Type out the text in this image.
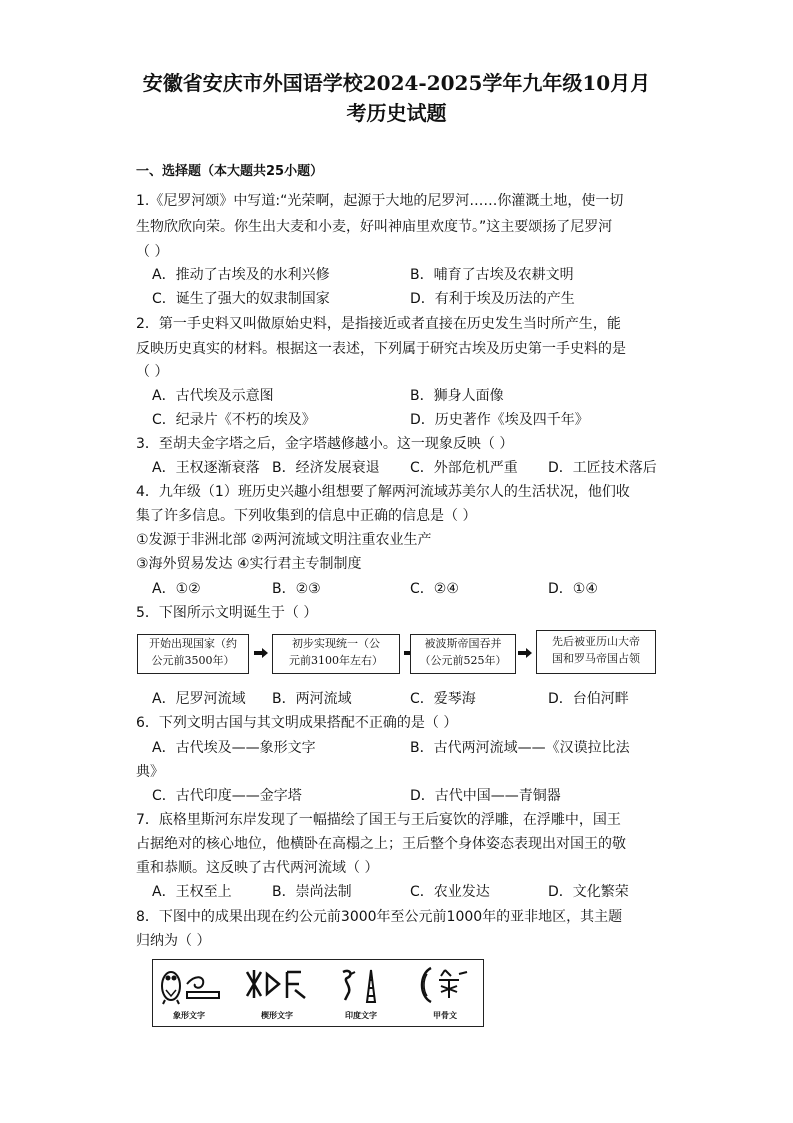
安徽省安庆市外国语学校2024-2025学年九年级10月月
考历史试题
一、选择题（本大题共25小题）
1.《尼罗河颂》中写道:“光荣啊，起源于大地的尼罗河……你灌溉土地，使一切
生物欣欣向荣。你生出大麦和小麦，好叫神庙里欢度节。”这主要颂扬了尼罗河
（ ）
A．推动了古埃及的水利兴修	B．哺育了古埃及农耕文明
C．诞生了强大的奴隶制国家	D．有利于埃及历法的产生
2．第一手史料又叫做原始史料，是指接近或者直接在历史发生当时所产生，能
反映历史真实的材料。根据这一表述，下列属于研究古埃及历史第一手史料的是
（ ）
A．古代埃及示意图	B．狮身人面像
C．纪录片《不朽的埃及》	D．历史著作《埃及四千年》
3．至胡夫金字塔之后，金字塔越修越小。这一现象反映（ ）
A．王权逐渐衰落 B．经济发展衰退 C．外部危机严重 D．工匠技术落后
4．九年级（1）班历史兴趣小组想要了解两河流域苏美尔人的生活状况，他们收
集了许多信息。下列收集到的信息中正确的信息是（ ）
①发源于非洲北部 ②两河流域文明注重农业生产
③海外贸易发达 ④实行君主专制制度
A．①②	B．②③	C．②④	D．①④
5．下图所示文明诞生于（ ）
开始出现国家（约
公元前3500年）
初步实现统一（公
元前3100年左右）
被波斯帝国吞并
（公元前525年）
先后被亚历山大帝
国和罗马帝国占领
A．尼罗河流域 B．两河流域	C．爱琴海	D．台伯河畔
6．下列文明古国与其文明成果搭配不正确的是（ ）
A．古代埃及——象形文字	B．古代两河流域——《汉谟拉比法
典》
C．古代印度——金字塔	D．古代中国——青铜器
7．底格里斯河东岸发现了一幅描绘了国王与王后宴饮的浮雕，在浮雕中，国王
占据绝对的核心地位，他横卧在高榻之上；王后整个身体姿态表现出对国王的敬
重和恭顺。这反映了古代两河流域（ ）
A．王权至上	B．崇尚法制	C．农业发达	D．文化繁荣
8．下图中的成果出现在约公元前3000年至公元前1000年的亚非地区，其主题
归纳为（ ）
象形文字	楔形文字	印度文字	甲骨文
